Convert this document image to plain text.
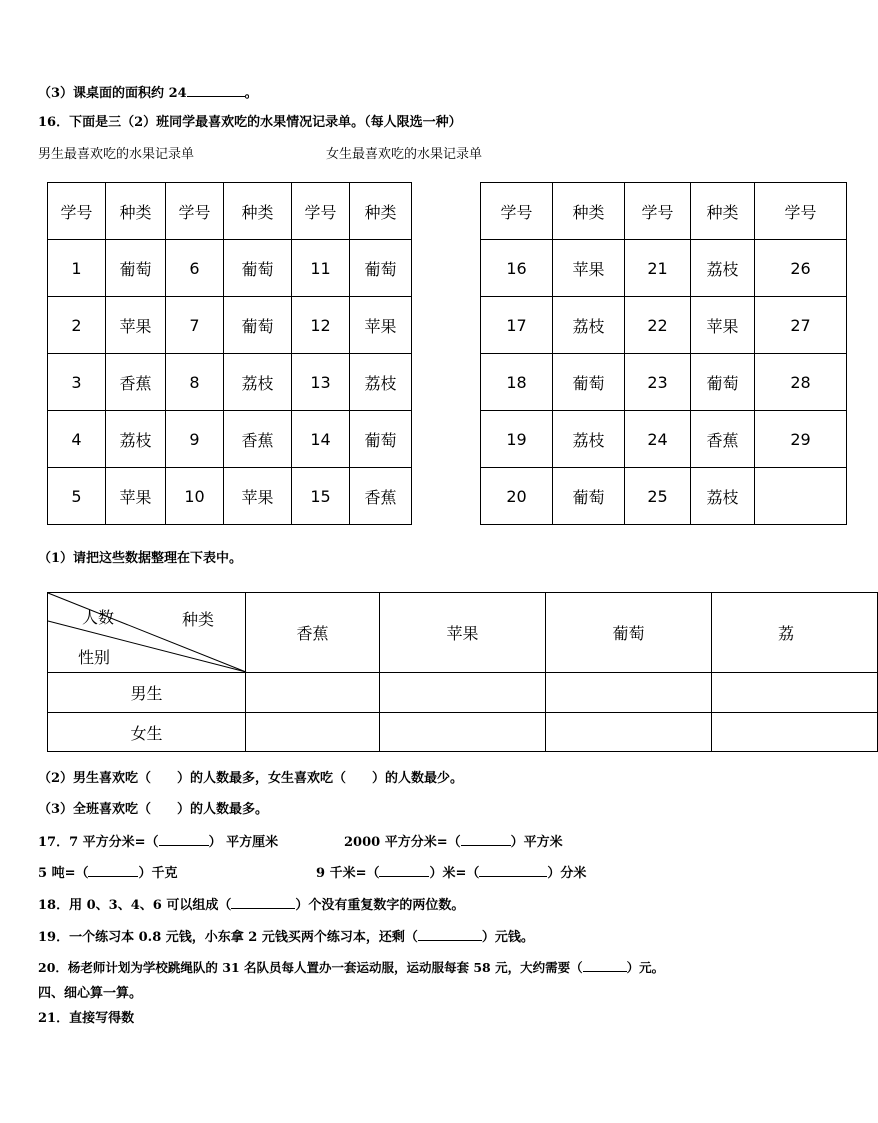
（3）课桌面的面积约 24	。
16．下面是三（2）班同学最喜欢吃的水果情况记录单。（每人限选一种）
男生最喜欢吃的水果记录单	女生最喜欢吃的水果记录单
学号	种类	学号	种类	学号	种类
1	葡萄	6	葡萄	11	葡萄
2	苹果	7	葡萄	12	苹果
3	香蕉	8	荔枝	13	荔枝
4	荔枝	9	香蕉	14	葡萄
5	苹果	10	苹果	15	香蕉
学号	种类	学号	种类	学号
16	苹果	21	荔枝	26
17	荔枝	22	苹果	27
18	葡萄	23	葡萄	28
19	荔枝	24	香蕉	29
20	葡萄	25	荔枝	
（1）请把这些数据整理在下表中。
人数 种类
性别	香蕉	苹果	葡萄	荔
男生				
女生				
（2）男生喜欢吃（　　）的人数最多，女生喜欢吃（　　）的人数最少。
（3）全班喜欢吃（　　）的人数最多。
17．7 平方分米=（	） 平方厘米	2000 平方分米=（	）平方米
5 吨=（	）千克	9 千米=（	）米=（	）分米
18．用 0、3、4、6 可以组成（	）个没有重复数字的两位数。
19．一个练习本 0.8 元钱，小东拿 2 元钱买两个练习本，还剩（	）元钱。
20．杨老师计划为学校跳绳队的 31 名队员每人置办一套运动服，运动服每套 58 元，大约需要（	）元。
四、细心算一算。
21．直接写得数
